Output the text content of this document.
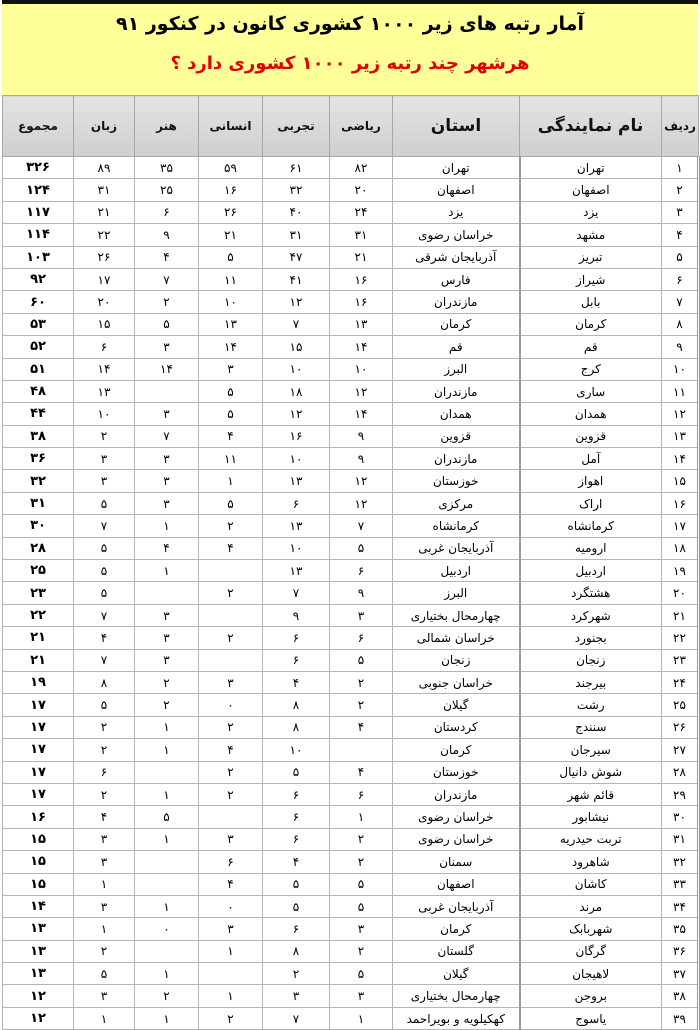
آمار رتبه های زیر ۱۰۰۰ کشوری کانون در کنکور ۹۱
هرشهر چند رتبه زیر ۱۰۰۰ کشوری دارد ؟
ردیف	نام نمایندگی	استان	ریاضی	تجربی	انسانی	هنر	زبان	مجموع
۱	تهران	تهران	۸۲	۶۱	۵۹	۳۵	۸۹	۳۲۶
۲	اصفهان	اصفهان	۲۰	۳۲	۱۶	۲۵	۳۱	۱۲۴
۳	یزد	یزد	۲۴	۴۰	۲۶	۶	۲۱	۱۱۷
۴	مشهد	خراسان رضوی	۳۱	۳۱	۲۱	۹	۲۲	۱۱۴
۵	تبریز	آذربایجان شرقی	۲۱	۴۷	۵	۴	۲۶	۱۰۳
۶	شیراز	فارس	۱۶	۴۱	۱۱	۷	۱۷	۹۲
۷	بابل	مازندران	۱۶	۱۲	۱۰	۲	۲۰	۶۰
۸	کرمان	کرمان	۱۳	۷	۱۳	۵	۱۵	۵۳
۹	قم	قم	۱۴	۱۵	۱۴	۳	۶	۵۲
۱۰	کرج	البرز	۱۰	۱۰	۳	۱۴	۱۴	۵۱
۱۱	ساری	مازندران	۱۲	۱۸	۵		۱۳	۴۸
۱۲	همدان	همدان	۱۴	۱۲	۵	۳	۱۰	۴۴
۱۳	قزوین	قزوین	۹	۱۶	۴	۷	۲	۳۸
۱۴	آمل	مازندران	۹	۱۰	۱۱	۳	۳	۳۶
۱۵	اهواز	خوزستان	۱۲	۱۳	۱	۳	۳	۳۲
۱۶	اراک	مرکزی	۱۲	۶	۵	۳	۵	۳۱
۱۷	کرمانشاه	کرمانشاه	۷	۱۳	۲	۱	۷	۳۰
۱۸	ارومیه	آذربایجان غربی	۵	۱۰	۴	۴	۵	۲۸
۱۹	اردبیل	اردبیل	۶	۱۳		۱	۵	۲۵
۲۰	هشتگرد	البرز	۹	۷	۲		۵	۲۳
۲۱	شهرکرد	چهارمحال بختیاری	۳	۹		۳	۷	۲۲
۲۲	بجنورد	خراسان شمالی	۶	۶	۲	۳	۴	۲۱
۲۳	زنجان	زنجان	۵	۶		۳	۷	۲۱
۲۴	بیرجند	خراسان جنوبی	۲	۴	۳	۲	۸	۱۹
۲۵	رشت	گیلان	۲	۸	۰	۲	۵	۱۷
۲۶	سنندج	کردستان	۴	۸	۲	۱	۲	۱۷
۲۷	سیرجان	کرمان		۱۰	۴	۱	۲	۱۷
۲۸	شوش دانیال	خوزستان	۴	۵	۲		۶	۱۷
۲۹	قائم شهر	مازندران	۶	۶	۲	۱	۲	۱۷
۳۰	نیشابور	خراسان رضوی	۱	۶		۵	۴	۱۶
۳۱	تربت حیدریه	خراسان رضوی	۲	۶	۳	۱	۳	۱۵
۳۲	شاهرود	سمنان	۲	۴	۶		۳	۱۵
۳۳	کاشان	اصفهان	۵	۵	۴		۱	۱۵
۳۴	مرند	آذربایجان غربی	۵	۵	۰	۱	۳	۱۴
۳۵	شهربابک	کرمان	۳	۶	۳	۰	۱	۱۳
۳۶	گرگان	گلستان	۲	۸	۱		۲	۱۳
۳۷	لاهیجان	گیلان	۵	۲		۱	۵	۱۳
۳۸	بروجن	چهارمحال بختیاری	۳	۳	۱	۲	۳	۱۲
۳۹	یاسوج	کهکیلویه و بویراحمد	۱	۷	۲	۱	۱	۱۲
